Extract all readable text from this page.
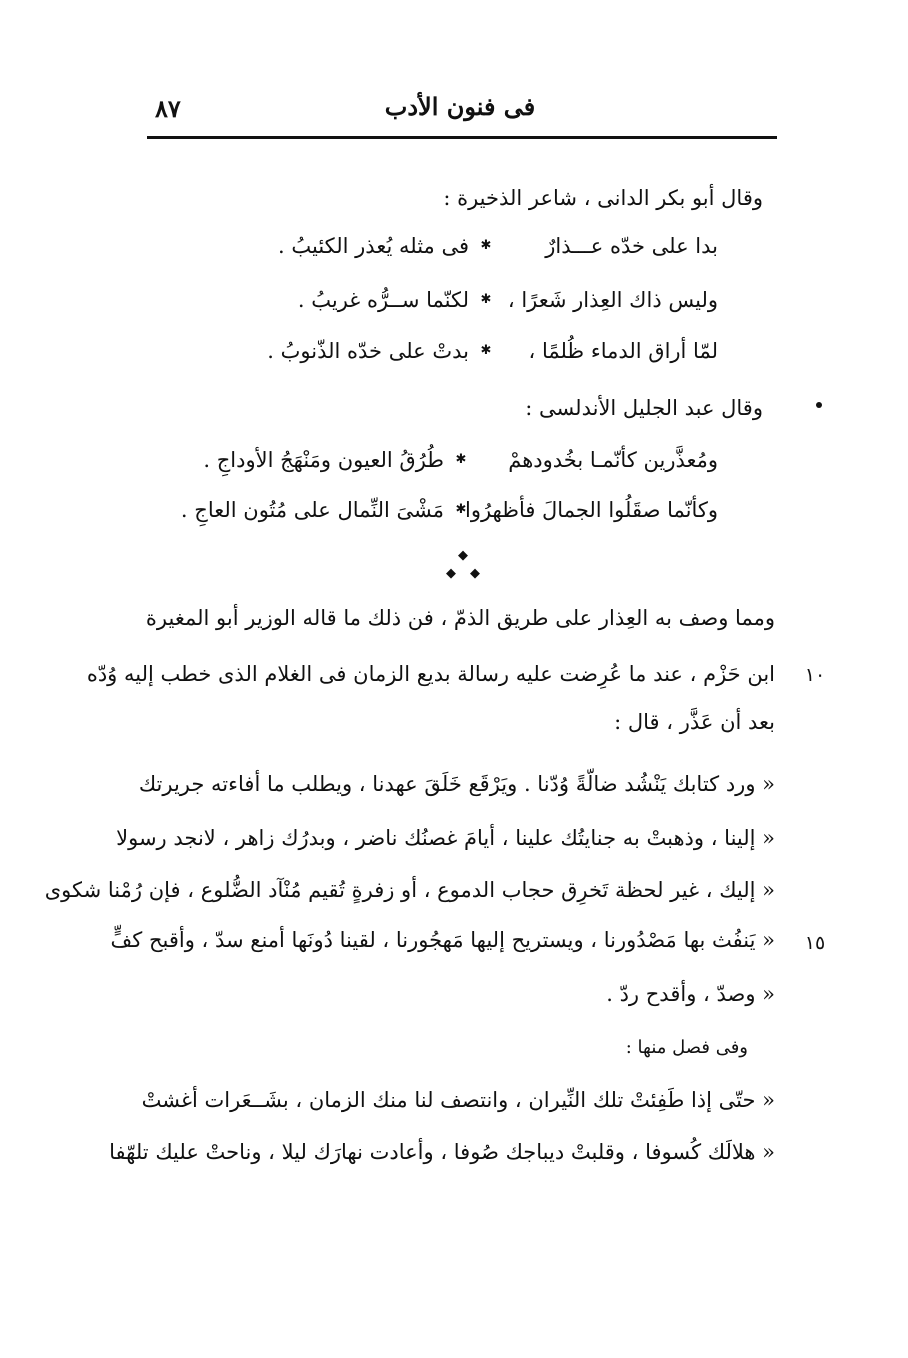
فى فنون الأدب
٨٧
وقال أبو بكر الدانى ، شاعر الذخيرة :
بدا على خدّه عـــذارٌ
✱
فى مثله يُعذر الكئيبُ .
وليس ذاك العِذار شَعرًا ،
✱
لكنّما ســرُّه غريبُ .
لمّا أراق الدماء ظُلمًا ،
✱
بدتْ على خدّه الذّنوبُ .
وقال عبد الجليل الأندلسى :
ومُعذَّرين كأنّمـا بخُدودهمْ
✱
طُرُقُ العيون ومَنْهَجُ الأوداجِ .
وكأنّما صقَلُوا الجمالَ فأظهرُوا
✱
مَشْىَ النِّمال على مُتُون العاجِ .
◆
◆ ◆
ومما وصف به العِذار على طريق الذمّ ، فن ذلك ما قاله الوزير أبو المغيرة
١٠
ابن حَزْم ، عند ما عُرِضت عليه رسالة بديع الزمان فى الغلام الذى خطب إليه وُدّه
بعد أن عَذَّر ، قال :
« ورد كتابك يَنْشُد ضالّةً وُدّنا . ويَرْقَع خَلَقَ عهدنا ، ويطلب ما أفاءته جريرتك
« إلينا ، وذهبتْ به جنايتُك علينا ، أيامَ غصنُك ناضر ، وبدرُك زاهر ، لانجد رسولا
« إليك ، غير لحظة تَخرِق حجاب الدموع ، أو زفرةٍ تُقيم مُنْآد الضُّلوع ، فإن رُمْنا شكوى
١٥
« يَنفُث بها مَصْدُورنا ، ويستريح إليها مَهجُورنا ، لقينا دُونَها أمنع سدّ ، وأقبح كفٍّ
« وصدّ ، وأقدح ردّ .
وفى فصل منها :
« حتّى إذا طَفِئتْ تلك النِّيران ، وانتصف لنا منك الزمان ، بشَــعَرات أغشتْ
« هلالَك كُسوفا ، وقلبتْ ديباجك صُوفا ، وأعادت نهارَك ليلا ، وناحتْ عليك تلهّفا
